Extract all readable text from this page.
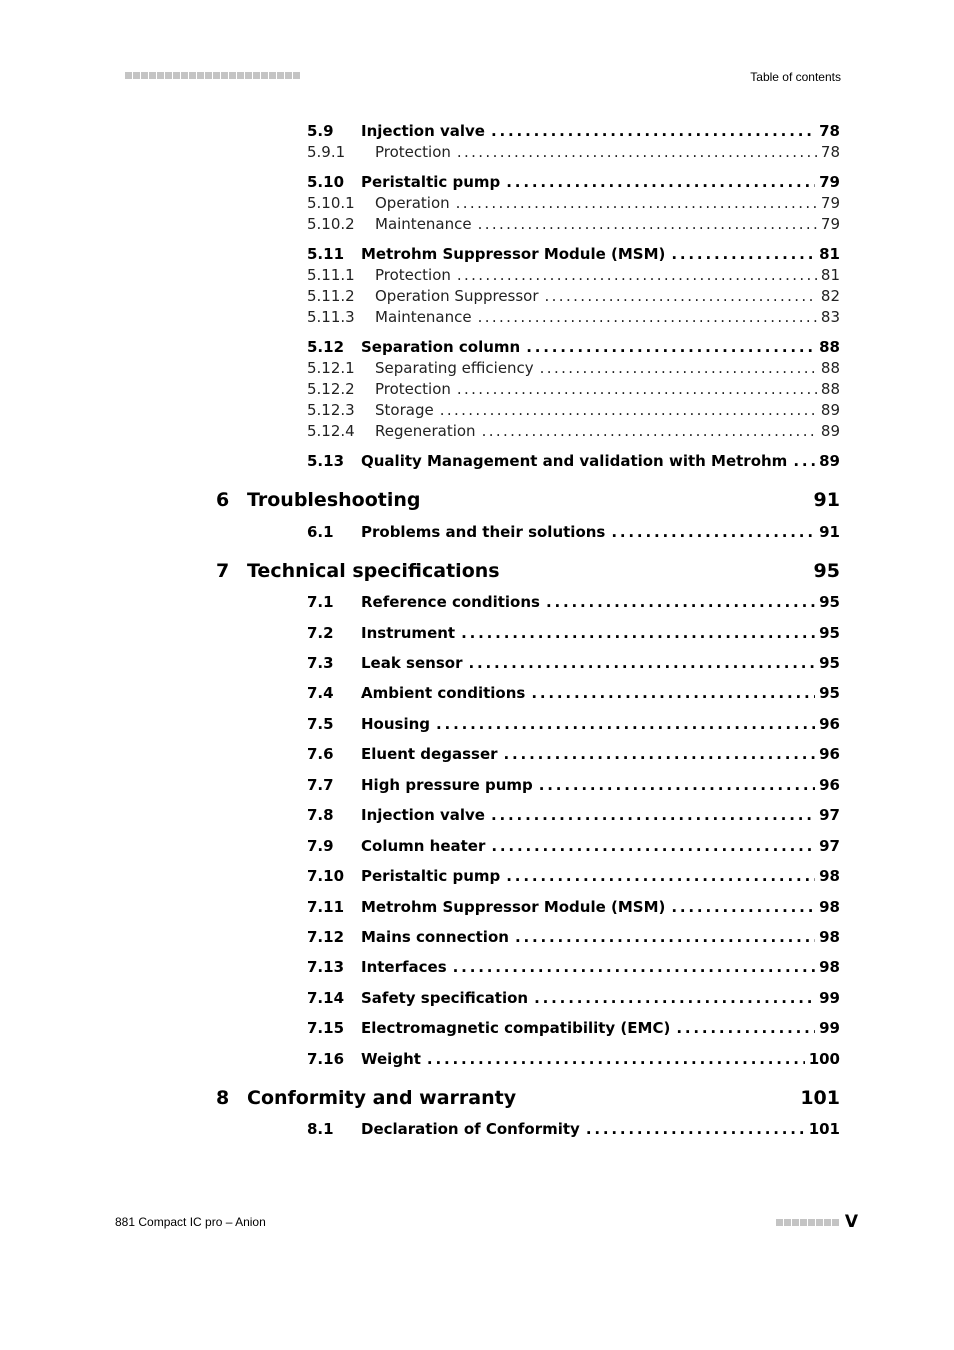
Table of contents
5.9	Injection valve . . .	78
5.9.1	Protection . . .	78
5.10	Peristaltic pump . . .	79
5.10.1	Operation . . .	79
5.10.2	Maintenance . . .	79
5.11	Metrohm Suppressor Module (MSM) . . .	81
5.11.1	Protection . . .	81
5.11.2	Operation Suppressor . . .	82
5.11.3	Maintenance . . .	83
5.12	Separation column . . .	88
5.12.1	Separating efficiency . . .	88
5.12.2	Protection . . .	88
5.12.3	Storage . . .	89
5.12.4	Regeneration . . .	89
5.13	Quality Management and validation with Metrohm . . . 89
6 Troubleshooting	91
6.1	Problems and their solutions . . .	91
7 Technical specifications	95
7.1	Reference conditions . . .	95
7.2	Instrument . . .	95
7.3	Leak sensor . . .	95
7.4	Ambient conditions . . .	95
7.5	Housing . . .	96
7.6	Eluent degasser . . .	96
7.7	High pressure pump . . .	96
7.8	Injection valve . . .	97
7.9	Column heater . . .	97
7.10	Peristaltic pump . . .	98
7.11	Metrohm Suppressor Module (MSM) . . .	98
7.12	Mains connection . . .	98
7.13	Interfaces . . .	98
7.14	Safety specification . . .	99
7.15	Electromagnetic compatibility (EMC) . . .	99
7.16	Weight . . .	100
8 Conformity and warranty	101
8.1	Declaration of Conformity . . .	101
881 Compact IC pro – Anion	V
